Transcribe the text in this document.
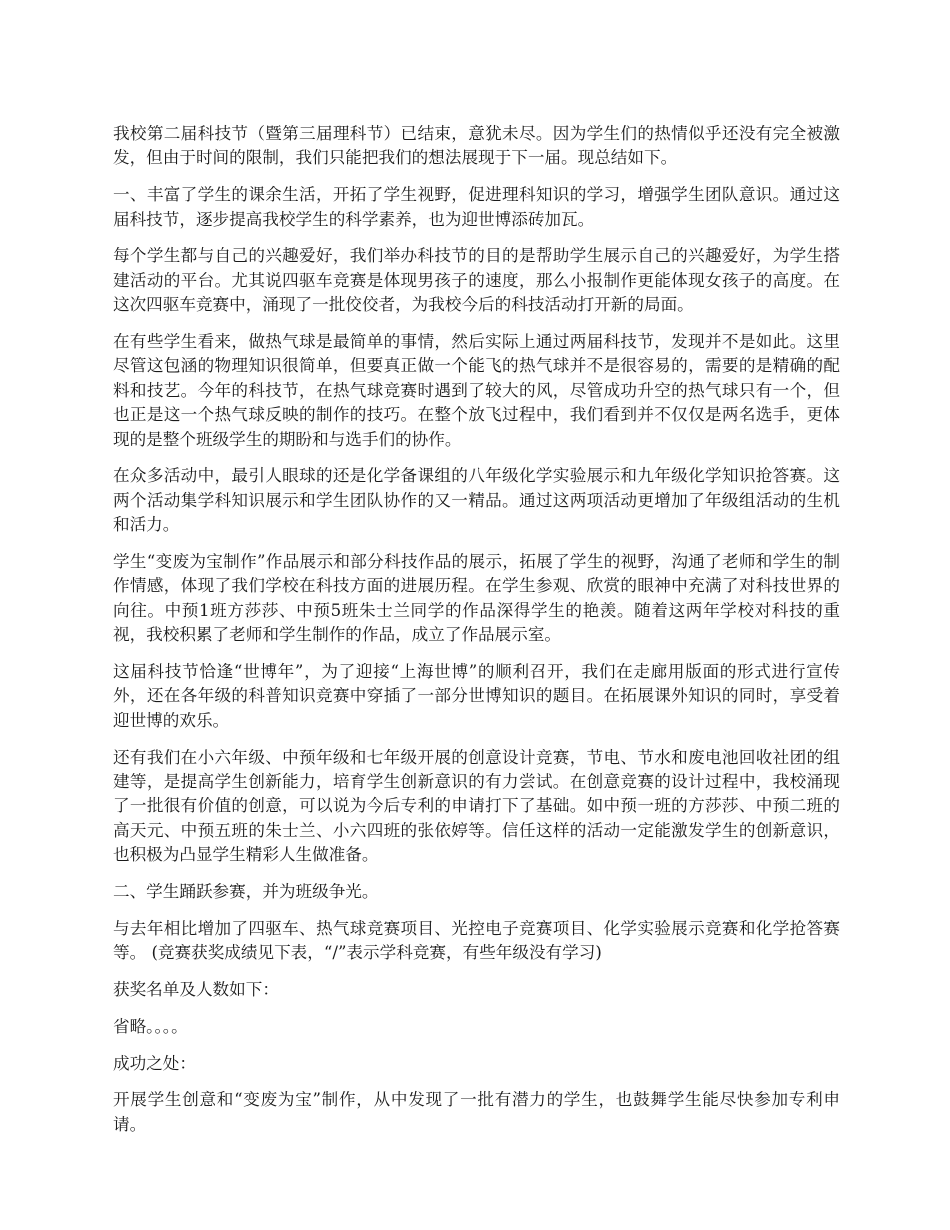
我校第二届科技节（暨第三届理科节）已结束，意犹未尽。因为学生们的热情似乎还没有完全被激发，但由于时间的限制，我们只能把我们的想法展现于下一届。现总结如下。

一、丰富了学生的课余生活，开拓了学生视野，促进理科知识的学习，增强学生团队意识。通过这届科技节，逐步提高我校学生的科学素养，也为迎世博添砖加瓦。

每个学生都与自己的兴趣爱好，我们举办科技节的目的是帮助学生展示自己的兴趣爱好，为学生搭建活动的平台。尤其说四驱车竞赛是体现男孩子的速度，那么小报制作更能体现女孩子的高度。在这次四驱车竞赛中，涌现了一批佼佼者，为我校今后的科技活动打开新的局面。

在有些学生看来，做热气球是最简单的事情，然后实际上通过两届科技节，发现并不是如此。这里尽管这包涵的物理知识很简单，但要真正做一个能飞的热气球并不是很容易的，需要的是精确的配料和技艺。今年的科技节，在热气球竞赛时遇到了较大的风，尽管成功升空的热气球只有一个，但也正是这一个热气球反映的制作的技巧。在整个放飞过程中，我们看到并不仅仅是两名选手，更体现的是整个班级学生的期盼和与选手们的协作。

在众多活动中，最引人眼球的还是化学备课组的八年级化学实验展示和九年级化学知识抢答赛。这两个活动集学科知识展示和学生团队协作的又一精品。通过这两项活动更增加了年级组活动的生机和活力。

学生“变废为宝制作”作品展示和部分科技作品的展示，拓展了学生的视野，沟通了老师和学生的制作情感，体现了我们学校在科技方面的进展历程。在学生参观、欣赏的眼神中充满了对科技世界的向往。中预1班方莎莎、中预5班朱士兰同学的作品深得学生的艳羡。随着这两年学校对科技的重视，我校积累了老师和学生制作的作品，成立了作品展示室。

这届科技节恰逢“世博年”，为了迎接“上海世博”的顺利召开，我们在走廊用版面的形式进行宣传外，还在各年级的科普知识竞赛中穿插了一部分世博知识的题目。在拓展课外知识的同时，享受着迎世博的欢乐。

还有我们在小六年级、中预年级和七年级开展的创意设计竞赛，节电、节水和废电池回收社团的组建等，是提高学生创新能力，培育学生创新意识的有力尝试。在创意竞赛的设计过程中，我校涌现了一批很有价值的创意，可以说为今后专利的申请打下了基础。如中预一班的方莎莎、中预二班的高天元、中预五班的朱士兰、小六四班的张依婷等。信任这样的活动一定能激发学生的创新意识，也积极为凸显学生精彩人生做准备。

二、学生踊跃参赛，并为班级争光。

与去年相比增加了四驱车、热气球竞赛项目、光控电子竞赛项目、化学实验展示竞赛和化学抢答赛等。 (竞赛获奖成绩见下表，“/”表示学科竞赛，有些年级没有学习)

获奖名单及人数如下：

省略。。。。

成功之处：

开展学生创意和“变废为宝”制作，从中发现了一批有潜力的学生，也鼓舞学生能尽快参加专利申请。
